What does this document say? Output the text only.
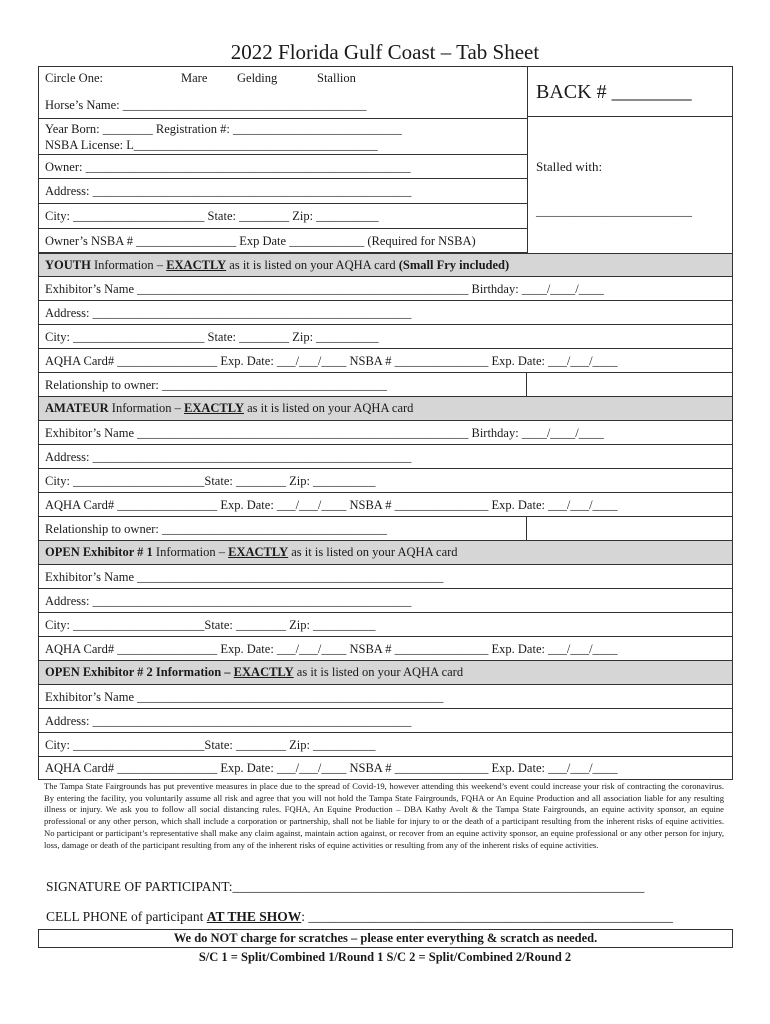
2022 Florida Gulf Coast – Tab Sheet
Circle One:	Mare Gelding	Stallion
Horse’s Name: _______________________________________
Year Born: ________ Registration #: ___________________________
NSBA License: L_______________________________________
Owner: ____________________________________________________
Address: ___________________________________________________
City: _____________________ State: ________ Zip: __________
Owner’s NSBA # ________________ Exp Date ____________ (Required for NSBA)
BACK # ________
Stalled with:
________________________
YOUTH Information – EXACTLY as it is listed on your AQHA card (Small Fry included)
Exhibitor’s Name _____________________________________________________ Birthday: ____/____/____
Address: ___________________________________________________
City: _____________________ State: ________ Zip: __________
AQHA Card# ________________ Exp. Date: ___/___/____ NSBA # _______________ Exp. Date: ___/___/____
Relationship to owner: ____________________________________
AMATEUR Information – EXACTLY as it is listed on your AQHA card
Exhibitor’s Name _____________________________________________________ Birthday: ____/____/____
Address: ___________________________________________________
City: _____________________State: ________ Zip: __________
AQHA Card# ________________ Exp. Date: ___/___/____ NSBA # _______________ Exp. Date: ___/___/____
Relationship to owner: ____________________________________
OPEN Exhibitor # 1 Information – EXACTLY as it is listed on your AQHA card
Exhibitor’s Name _________________________________________________
Address: ___________________________________________________
City: _____________________State: ________ Zip: __________
AQHA Card# ________________ Exp. Date: ___/___/____ NSBA # _______________ Exp. Date: ___/___/____
OPEN Exhibitor # 2 Information – EXACTLY as it is listed on your AQHA card
Exhibitor’s Name _________________________________________________
Address: ___________________________________________________
City: _____________________State: ________ Zip: __________
AQHA Card# ________________ Exp. Date: ___/___/____ NSBA # _______________ Exp. Date: ___/___/____
The Tampa State Fairgrounds has put preventive measures in place due to the spread of Covid-19, however attending this weekend’s event could increase your risk of contracting the coronavirus. By entering the facility, you voluntarily assume all risk and agree that you will not hold the Tampa State Fairgrounds, FQHA or An Equine Production and all association liable for any resulting illness or injury. We ask you to follow all social distancing rules. FQHA, An Equine Production – DBA Kathy Avolt & the Tampa State Fairgrounds, an equine activity sponsor, an equine professional or any other person, which shall include a corporation or partnership, shall not be liable for injury to or the death of a participant resulting from the inherent risks of equine activities. No participant or participant’s representative shall make any claim against, maintain action against, or recover from an equine activity sponsor, an equine professional or any other person for injury, loss, damage or death of the participant resulting from any of the inherent risks of equine activities or resulting from any of the inherent risks of equine activities.
SIGNATURE OF PARTICIPANT:_____________________________________________________________
CELL PHONE of participant AT THE SHOW: ______________________________________________________
We do NOT charge for scratches – please enter everything & scratch as needed.
S/C 1 = Split/Combined 1/Round 1 S/C 2 = Split/Combined 2/Round 2
